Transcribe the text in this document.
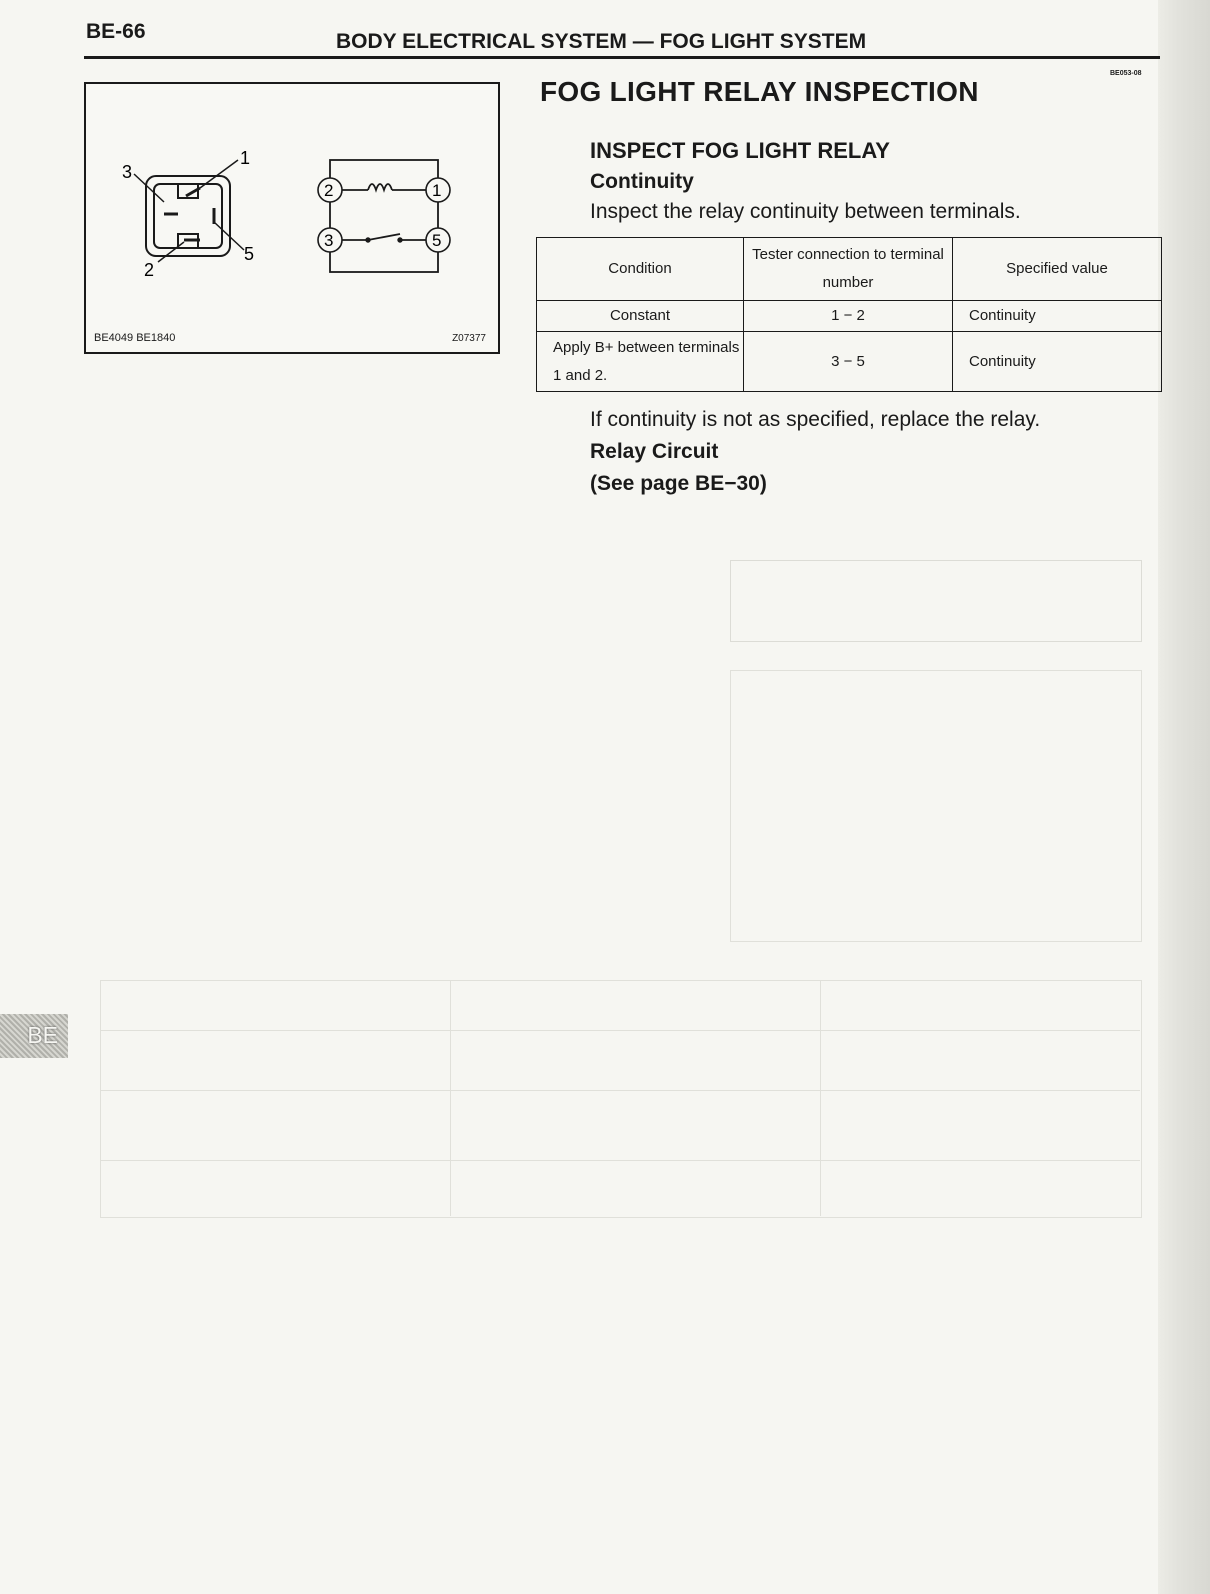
BE-66	BODY ELECTRICAL SYSTEM — FOG LIGHT SYSTEM
BE053-08
3
1
5
2
2	1
3	5
BE4049 BE1840	Z07377
FOG LIGHT RELAY INSPECTION
INSPECT FOG LIGHT RELAY
Continuity
Inspect the relay continuity between terminals.
Condition	Tester connection to terminal number	Specified value
Constant	1 − 2	Continuity
Apply B+ between terminals 1 and 2.	3 − 5	Continuity
If continuity is not as specified, replace the relay.
Relay Circuit
(See page BE−30)
BE
